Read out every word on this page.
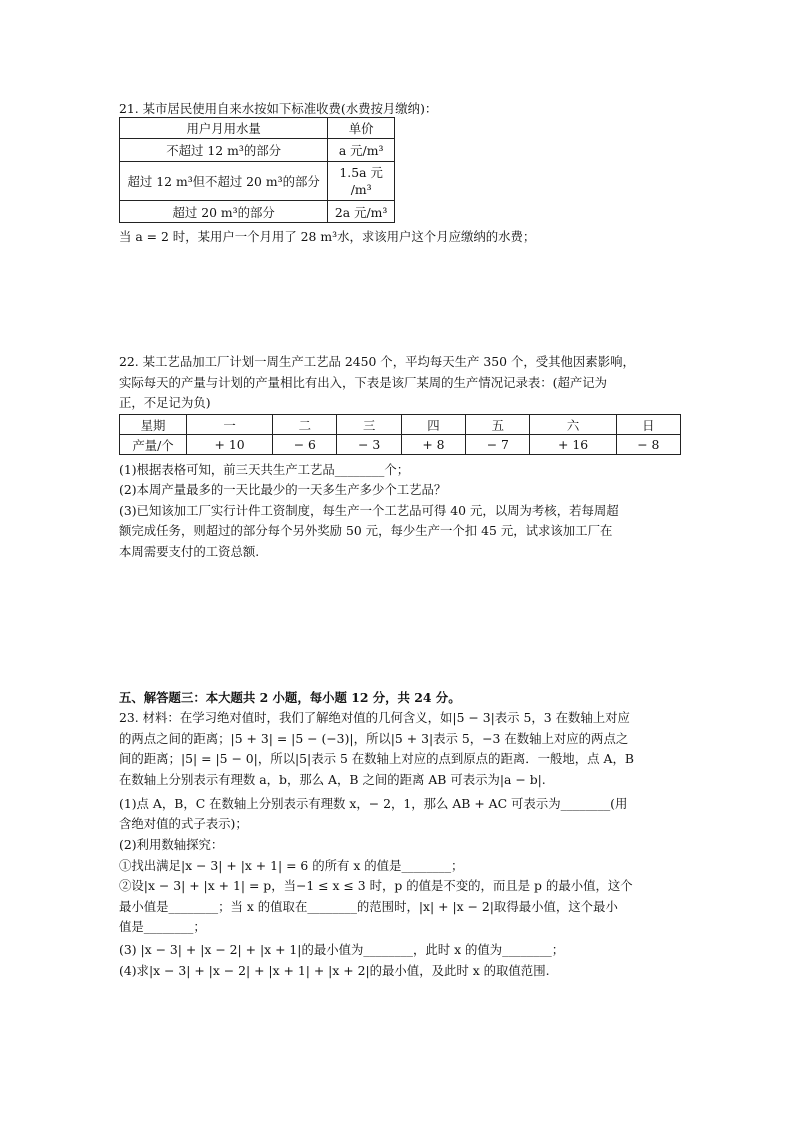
21. 某市居民使用自来水按如下标准收费(水费按月缴纳)：
用户月用水量	单价
不超过 12 m³的部分	a 元/m³
超过 12 m³但不超过 20 m³的部分	1.5a 元 /m³
超过 20 m³的部分	2a 元/m³
当 a = 2 时，某用户一个月用了 28 m³水，求该用户这个月应缴纳的水费；
22. 某工艺品加工厂计划一周生产工艺品 2450 个，平均每天生产 350 个，受其他因素影响，
实际每天的产量与计划的产量相比有出入，下表是该厂某周的生产情况记录表：(超产记为
正，不足记为负)
星期	一	二	三	四	五	六	日
产量/个	+ 10	− 6	− 3	+ 8	− 7	+ 16	− 8
(1)根据表格可知，前三天共生产工艺品________个；
(2)本周产量最多的一天比最少的一天多生产多少个工艺品？
(3)已知该加工厂实行计件工资制度，每生产一个工艺品可得 40 元，以周为考核，若每周超
额完成任务，则超过的部分每个另外奖励 50 元，每少生产一个扣 45 元，试求该加工厂在
本周需要支付的工资总额.
五、解答题三：本大题共 2 小题，每小题 12 分，共 24 分。
23. 材料：在学习绝对值时，我们了解绝对值的几何含义，如|5 − 3|表示 5，3 在数轴上对应
的两点之间的距离；|5 + 3| = |5 − (−3)|，所以|5 + 3|表示 5，−3 在数轴上对应的两点之
间的距离；|5| = |5 − 0|，所以|5|表示 5 在数轴上对应的点到原点的距离．一般地，点 A，B
在数轴上分别表示有理数 a，b，那么 A，B 之间的距离 AB 可表示为|a − b|.
(1)点 A，B，C 在数轴上分别表示有理数 x，− 2，1，那么 AB + AC 可表示为________(用
含绝对值的式子表示)；
(2)利用数轴探究：
①找出满足|x − 3| + |x + 1| = 6 的所有 x 的值是________；
②设|x − 3| + |x + 1| = p，当−1 ≤ x ≤ 3 时，p 的值是不变的，而且是 p 的最小值，这个
最小值是________；当 x 的值取在________的范围时，|x| + |x − 2|取得最小值，这个最小
值是________；
(3) |x − 3| + |x − 2| + |x + 1|的最小值为________，此时 x 的值为________；
(4)求|x − 3| + |x − 2| + |x + 1| + |x + 2|的最小值，及此时 x 的取值范围.
